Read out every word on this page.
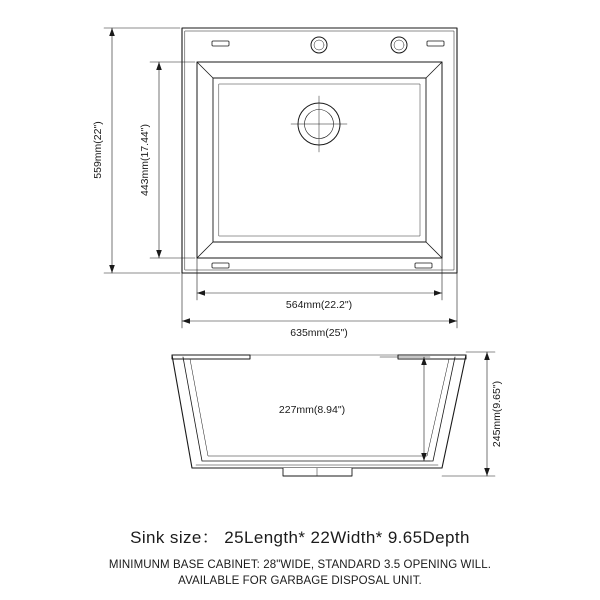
559mm(22")	443mm(17.44")
564mm(22.2")
635mm(25")
227mm(8.94")	245mm(9.65")
Sink size： 25Length* 22Width* 9.65Depth
MINIMUNM BASE CABINET: 28"WIDE, STANDARD 3.5 OPENING WILL.
AVAILABLE FOR GARBAGE DISPOSAL UNIT.
